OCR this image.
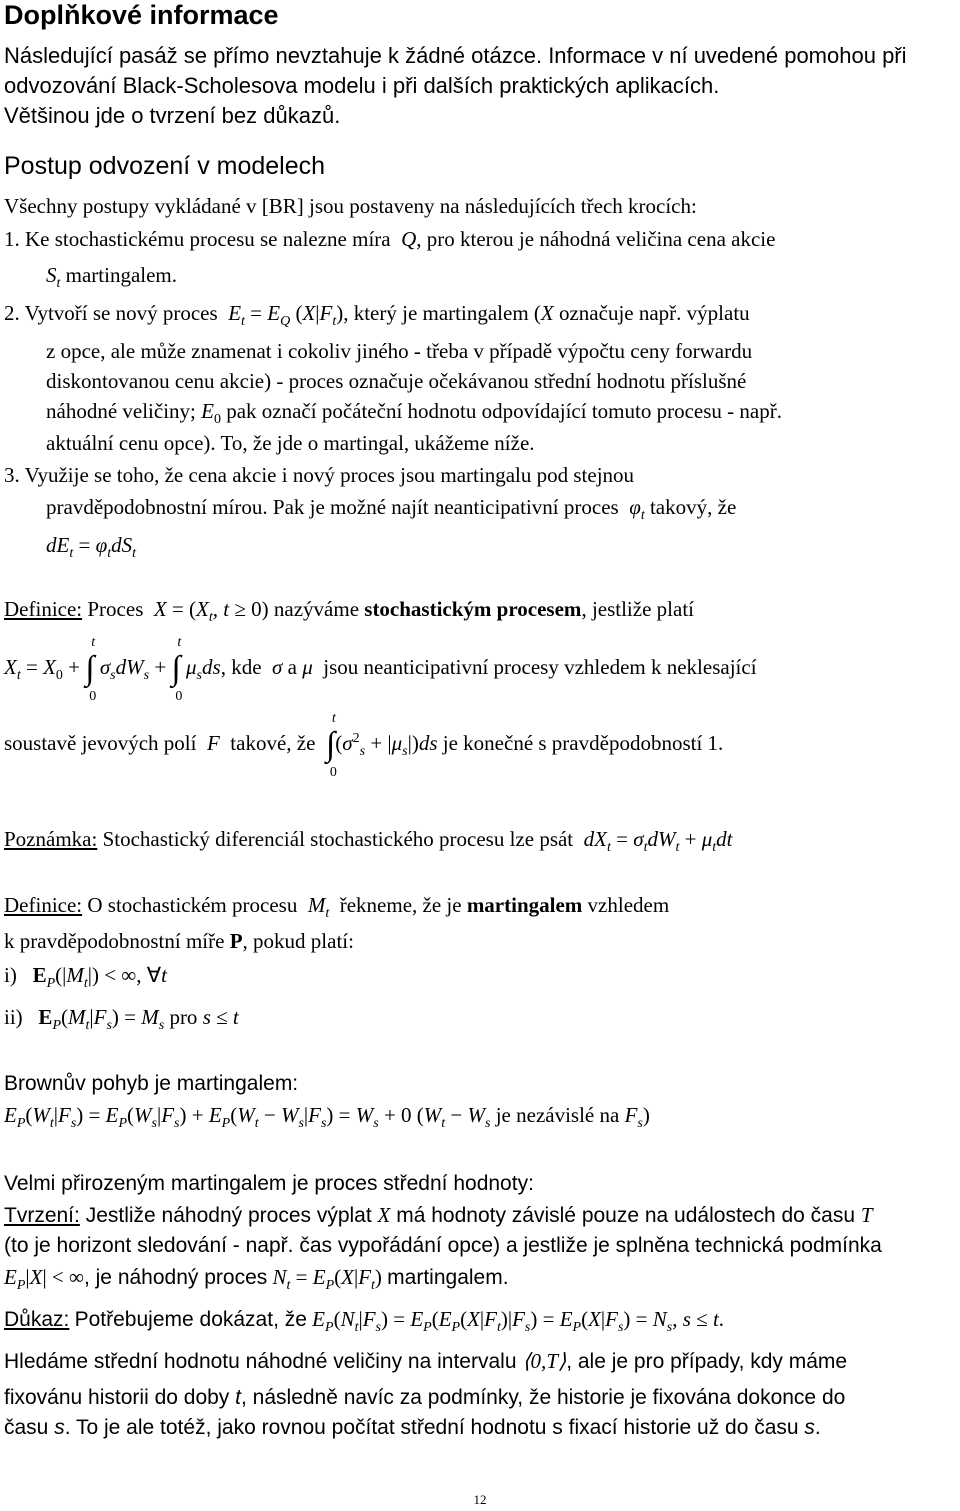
Doplňkové informace
Následující pasáž se přímo nevztahuje k žádné otázce. Informace v ní uvedené pomohou při
odvozování Black-Scholesova modelu i při dalších praktických aplikacích.
Většinou jde o tvrzení bez důkazů.
Postup odvození v modelech
Všechny postupy vykládané v [BR] jsou postaveny na následujících třech krocích:
1. Ke stochastickému procesu se nalezne míra  Q, pro kterou je náhodná veličina cena akcie
$S_t$ martingalem.
2. Vytvoří se nový proces  $E_t = E_Q$ $(X|F_t)$, který je martingalem (X označuje např. výplatu
z opce, ale může znamenat i cokoliv jiného - třeba v případě výpočtu ceny forwardu
diskontovanou cenu akcie) - proces označuje očekávanou střední hodnotu příslušné
náhodné veličiny; $E_0$ pak označí počáteční hodnotu odpovídající tomuto procesu - např.
aktuální cenu opce). To, že jde o martingal, ukážeme níže.
3. Využije se toho, že cena akcie i nový proces jsou martingalu pod stejnou
pravděpodobnostní mírou. Pak je možné najít neanticipativní proces  $\varphi_t$ takový, že
$dE_t = \varphi_tdS_t$
Definice: Proces  $X = (X_t$, t ≥ 0) nazýváme stochastickým procesem, jestliže platí
$X_t = X_0$ + ∫
t
0
$\sigma_sdW_s$ + ∫
t
0
$\mu_sds$, kde  σ a μ  jsou neanticipativní procesy vzhledem k neklesající
soustavě jevových polí  F  takové, že ∫
t
0
$(\sigma^2_s + |\mu_s|)ds$ je konečné s pravděpodobností 1.
Poznámka: Stochastický diferenciál stochastického procesu lze psát  $dX_t = \sigma_tdW_t + \mu_tdt$
Definice: O stochastickém procesu  $M_t$ řekneme, že je martingalem vzhledem
k pravděpodobnostní míře P, pokud platí:
i) $E_P(|M_t|)$ < ∞, ∀t
ii) $E_P(M_t|F_s) = M_s$ pro s ≤ t
Brownův pohyb je martingalem:
$E_P(W_t|F_s) = E_P(W_s|F_s) + E_P(W_t - W_s|F_s) = W_s + 0$ ($W_t - W_s$ je nezávislé na $F_s$)
Velmi přirozeným martingalem je proces střední hodnoty:
Tvrzení: Jestliže náhodný proces výplat X má hodnoty závislé pouze na událostech do času T
(to je horizont sledování - např. čas vypořádání opce) a jestliže je splněna technická podmínka
$E_P|X|$ < ∞, je náhodný proces $N_t = E_P(X|F_t)$ martingalem.
Důkaz: Potřebujeme dokázat, že $E_P(N_t|F_s) = E_P(E_P(X|F_t)|F_s) = E_P(X|F_s) = N_s$, s ≤ t.
Hledáme střední hodnotu náhodné veličiny na intervalu ⟨0,T⟩, ale je pro případy, kdy máme
fixovánu historii do doby t, následně navíc za podmínky, že historie je fixována dokonce do
času s. To je ale totéž, jako rovnou počítat střední hodnotu s fixací historie už do času s.
12
